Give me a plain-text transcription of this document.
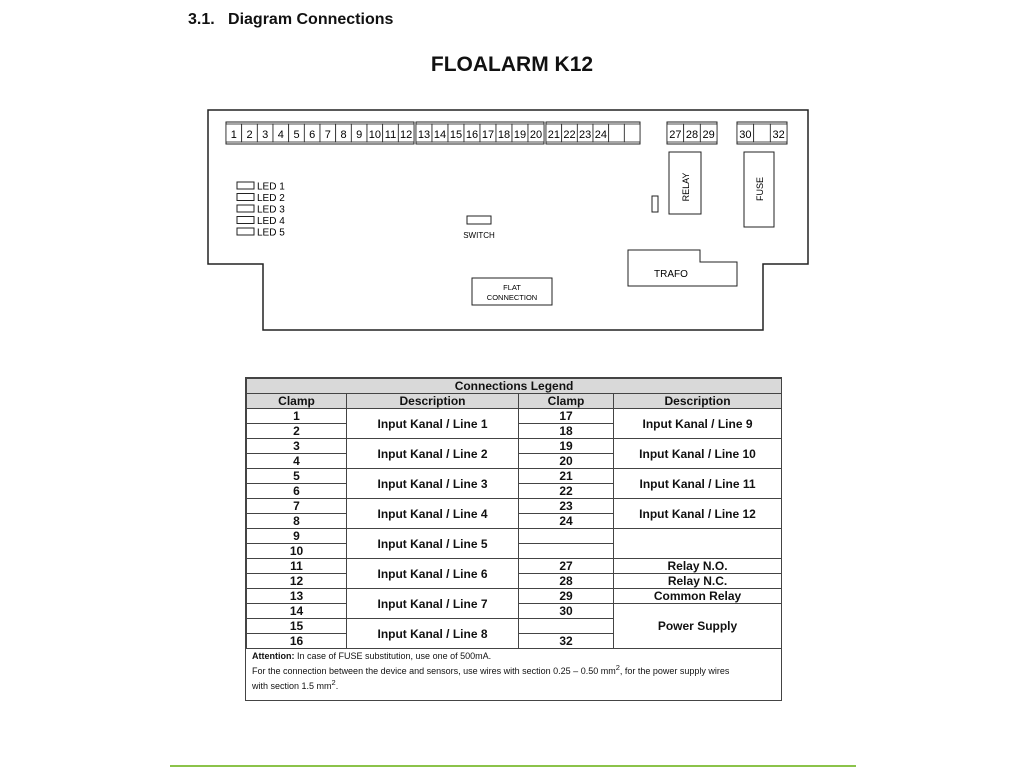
3.1. Diagram Connections
FLOALARM K12
1 2 3 4 5 6 7 8 9 10 11 12 13 14 15 16 17 18 19 20 21 22 23 24	27 28 29 30 32
LED 1
LED 2
LED 3
LED 4
LED 5	SWITCH
RELAY	FUSE
TRAFO
FLAT
CONNECTION
Connections Legend			
Clamp	Description	Clamp	Description
1	Input Kanal / Line 1	17	Input Kanal / Line 9
2		18	
3	Input Kanal / Line 2	19	Input Kanal / Line 10
4		20	
5	Input Kanal / Line 3	21	Input Kanal / Line 11
6		22	
7	Input Kanal / Line 4	23	Input Kanal / Line 12
8		24	
9	Input Kanal / Line 5		
10			
11	Input Kanal / Line 6	27	Relay N.O.
12		28	Relay N.C.
13	Input Kanal / Line 7	29	Common Relay
14		30	Power Supply
15	Input Kanal / Line 8		
16		32	
Attention: In case of FUSE substitution, use one of 500mA.
For the connection between the device and sensors, use wires with section 0.25 – 0.50 $mm^2$, for the power supply wires
with section 1.5 $mm^2$.
